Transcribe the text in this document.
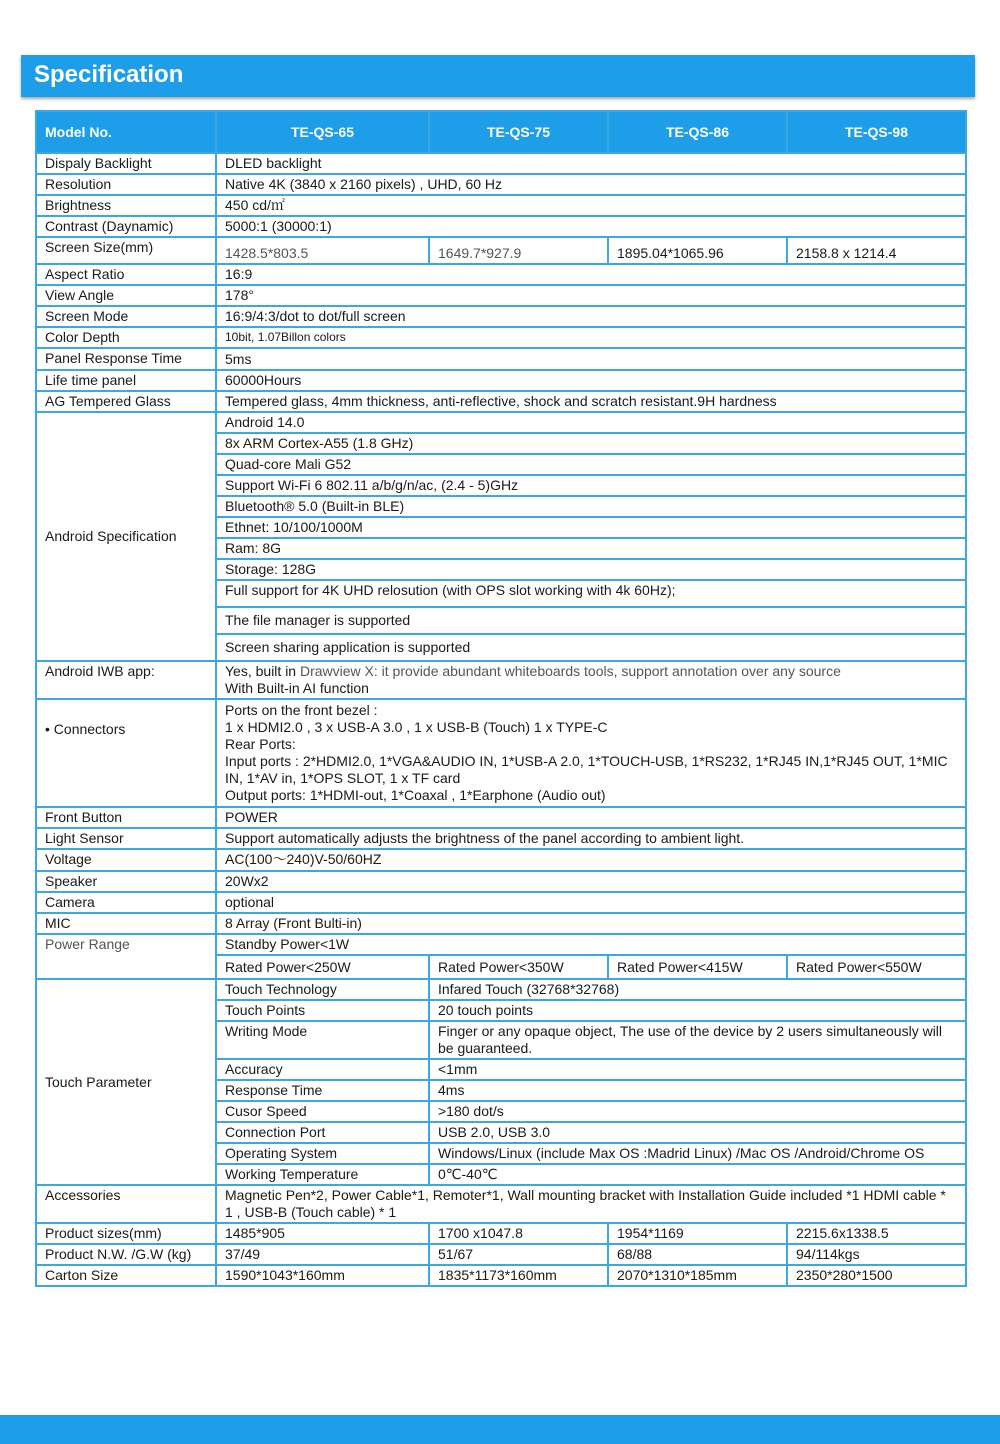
Specification
Model No.	TE-QS-65	TE-QS-75	TE-QS-86	TE-QS-98
Dispaly Backlight	DLED backlight			
Resolution	Native 4K (3840 x 2160 pixels) , UHD, 60 Hz			
Brightness	450 cd/㎡			
Contrast (Daynamic)	5000:1 (30000:1)			
Screen Size(mm)	1428.5*803.5	1649.7*927.9	1895.04*1065.96	2158.8 x 1214.4
Aspect Ratio	16:9			
View Angle	178°			
Screen Mode	16:9/4:3/dot to dot/full screen			
Color Depth	10bit, 1.07Billon colors			
Panel Response Time	5ms			
Life time panel	60000Hours			
AG Tempered Glass	Tempered glass, 4mm thickness, anti-reflective, shock and scratch resistant.9H hardness			
Android Specification	Android 14.0			
	8x ARM Cortex-A55 (1.8 GHz)			
	Quad-core Mali G52			
	Support Wi-Fi 6 802.11 a/b/g/n/ac, (2.4 - 5)GHz			
	Bluetooth® 5.0 (Built-in BLE)			
	Ethnet: 10/100/1000M			
	Ram: 8G			
	Storage: 128G			
	Full support for 4K UHD relosution (with OPS slot working with 4k 60Hz);			
	The file manager is supported			
	Screen sharing application is supported			
Android IWB app:	Yes, built in Drawview X: it provide abundant whiteboards tools, support annotation over any source
With Built-in AI function			

• Connectors	Ports on the front bezel :
1 x HDMI2.0 , 3 x USB-A 3.0 , 1 x USB-B (Touch) 1 x TYPE-C
Rear Ports:
Input ports : 2*HDMI2.0, 1*VGA&AUDIO IN, 1*USB-A 2.0, 1*TOUCH-USB, 1*RS232, 1*RJ45 IN,1*RJ45 OUT, 1*MIC IN, 1*AV in, 1*OPS SLOT, 1 x TF card
Output ports: 1*HDMI-out, 1*Coaxal , 1*Earphone (Audio out)			

Front Button	POWER			
Light Sensor	Support automatically adjusts the brightness of the panel according to ambient light.			
Voltage	AC(100～240)V-50/60HZ			
Speaker	20Wx2			
Camera	optional			
MIC	8 Array (Front Bulti-in)			
Power Range	Standby Power<1W			
	Rated Power<250W	Rated Power<350W	Rated Power<415W	Rated Power<550W
Touch Parameter	Touch Technology	Infared Touch (32768*32768)		
	Touch Points	20 touch points		
	Writing Mode	Finger or any opaque object, The use of the device by 2 users simultaneously will be guaranteed.		
	Accuracy	<1mm		
	Response Time	4ms		
	Cusor Speed	>180 dot/s		
	Connection Port	USB 2.0, USB 3.0		
	Operating System	Windows/Linux (include Max OS :Madrid Linux) /Mac OS /Android/Chrome OS		
	Working Temperature	0℃-40℃		
Accessories	Magnetic Pen*2, Power Cable*1, Remoter*1, Wall mounting bracket with Installation Guide included *1 HDMI cable * 1 , USB-B (Touch cable) * 1			
Product sizes(mm)	1485*905	1700 x1047.8	1954*1169	2215.6x1338.5
Product N.W. /G.W (kg)	37/49	51/67	68/88	94/114kgs
Carton Size	1590*1043*160mm	1835*1173*160mm	2070*1310*185mm	2350*280*1500
